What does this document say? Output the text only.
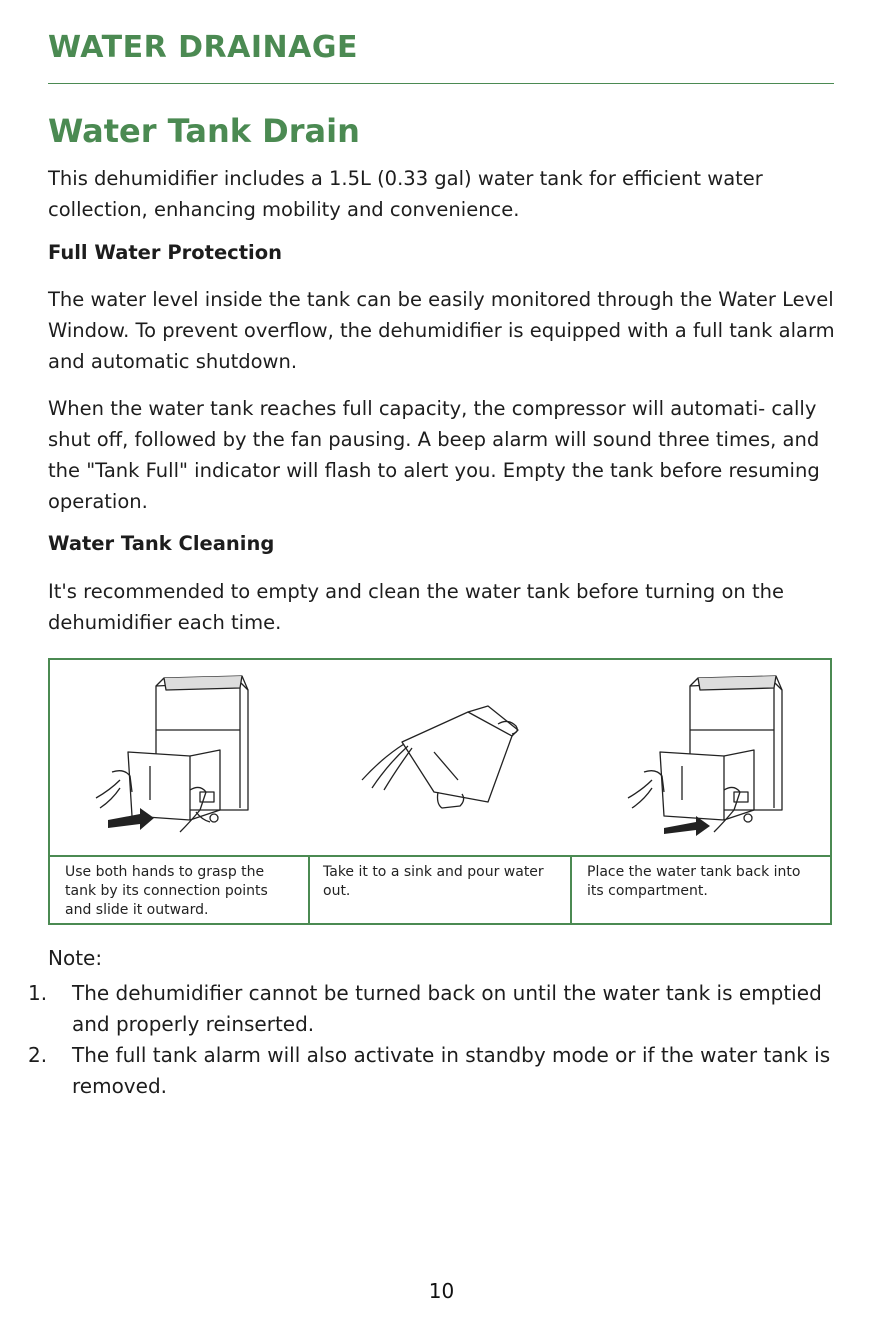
WATER DRAINAGE
Water Tank Drain

This dehumidifier includes a 1.5L (0.33 gal) water tank for efficient water collection, enhancing mobility and convenience.

Full Water Protection

The water level inside the tank can be easily monitored through the Water Level Window. To prevent overflow, the dehumidifier is equipped with a full tank alarm and automatic shutdown.

When the water tank reaches full capacity, the compressor will automati- cally shut off, followed by the fan pausing. A beep alarm will sound three times, and the "Tank Full" indicator will flash to alert you. Empty the tank before resuming operation.

Water Tank Cleaning

It's recommended to empty and clean the water tank before turning on the dehumidifier each time.

Use both hands to grasp the tank by its connection points and slide it outward.
Take it to a sink and pour water out.
Place the water tank back into its compartment.

Note:

1. The dehumidifier cannot be turned back on until the water tank is emptied and properly reinserted.
2. The full tank alarm will also activate in standby mode or if the water tank is removed.

10
